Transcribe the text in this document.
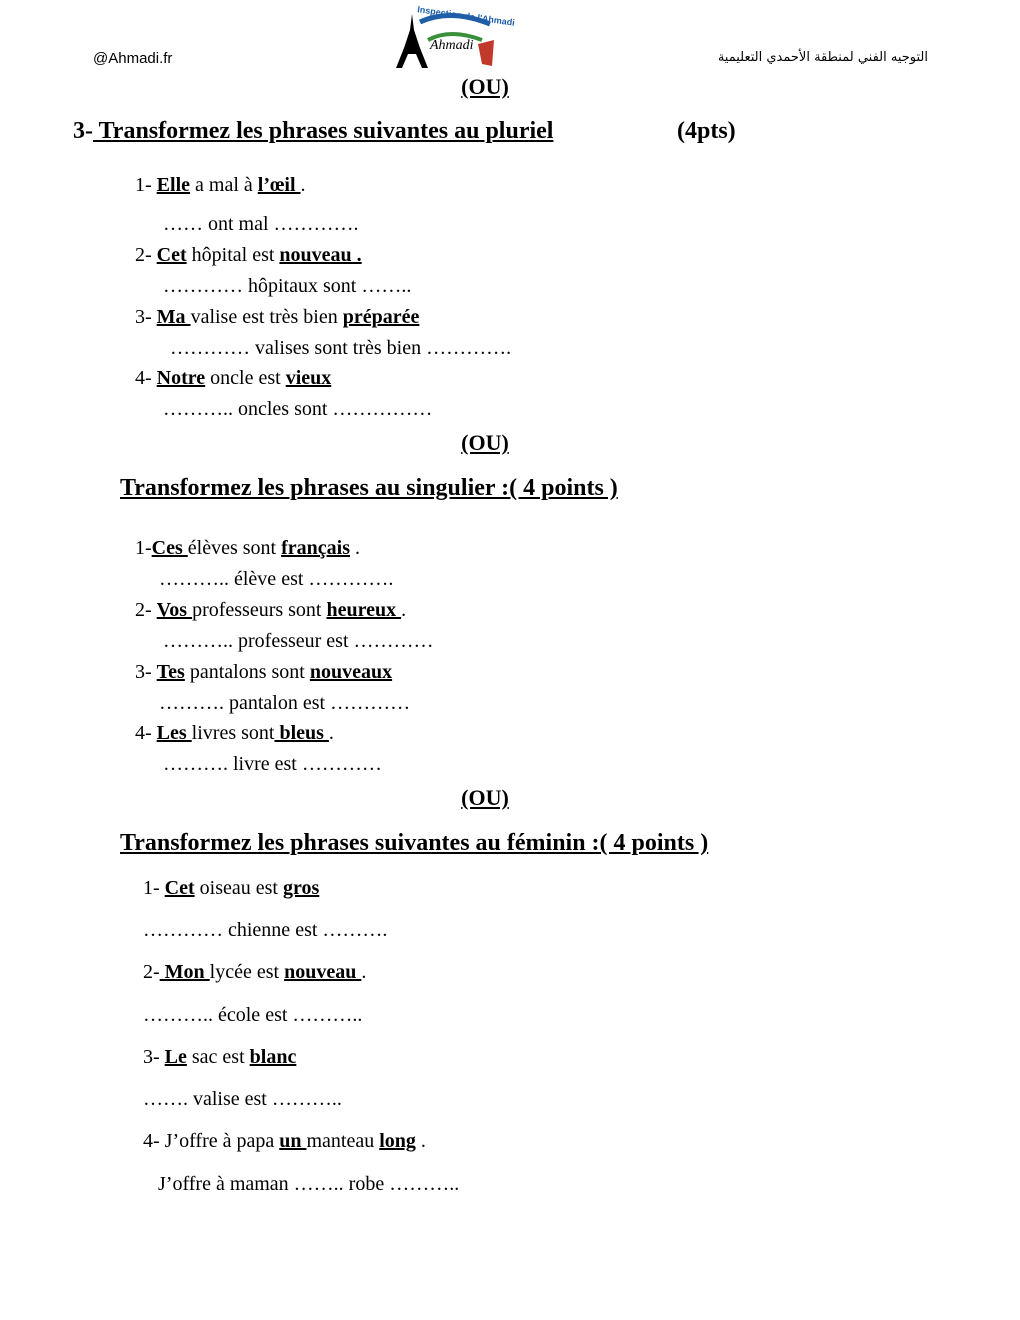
@Ahmadi.fr	التوجيه الفني لمنطقة الأحمدي التعليمية
Inspection de l'Ahmadi
Ahmadi
(OU)
3- Transformez les phrases suivantes au pluriel	(4pts)
1- Elle a mal à l’œil .
…… ont mal ………….
2- Cet hôpital est nouveau .
………… hôpitaux sont ……..
3- Ma valise est très bien préparée
………… valises sont très bien ………….
4- Notre oncle est vieux
……….. oncles sont ……………
(OU)
Transformez les phrases au singulier :( 4 points )
1-Ces élèves sont français .
……….. élève est ………….
2- Vos professeurs sont heureux .
……….. professeur est …………
3- Tes pantalons sont nouveaux
………. pantalon est …………
4- Les livres sont bleus .
………. livre est …………
(OU)
Transformez les phrases suivantes au féminin :( 4 points )
1- Cet oiseau est gros
………… chienne est ……….
2- Mon lycée est nouveau .
……….. école est ………..
3- Le sac est blanc
……. valise est ………..
4- J’offre à papa un manteau long .
J’offre à maman …….. robe ………..
